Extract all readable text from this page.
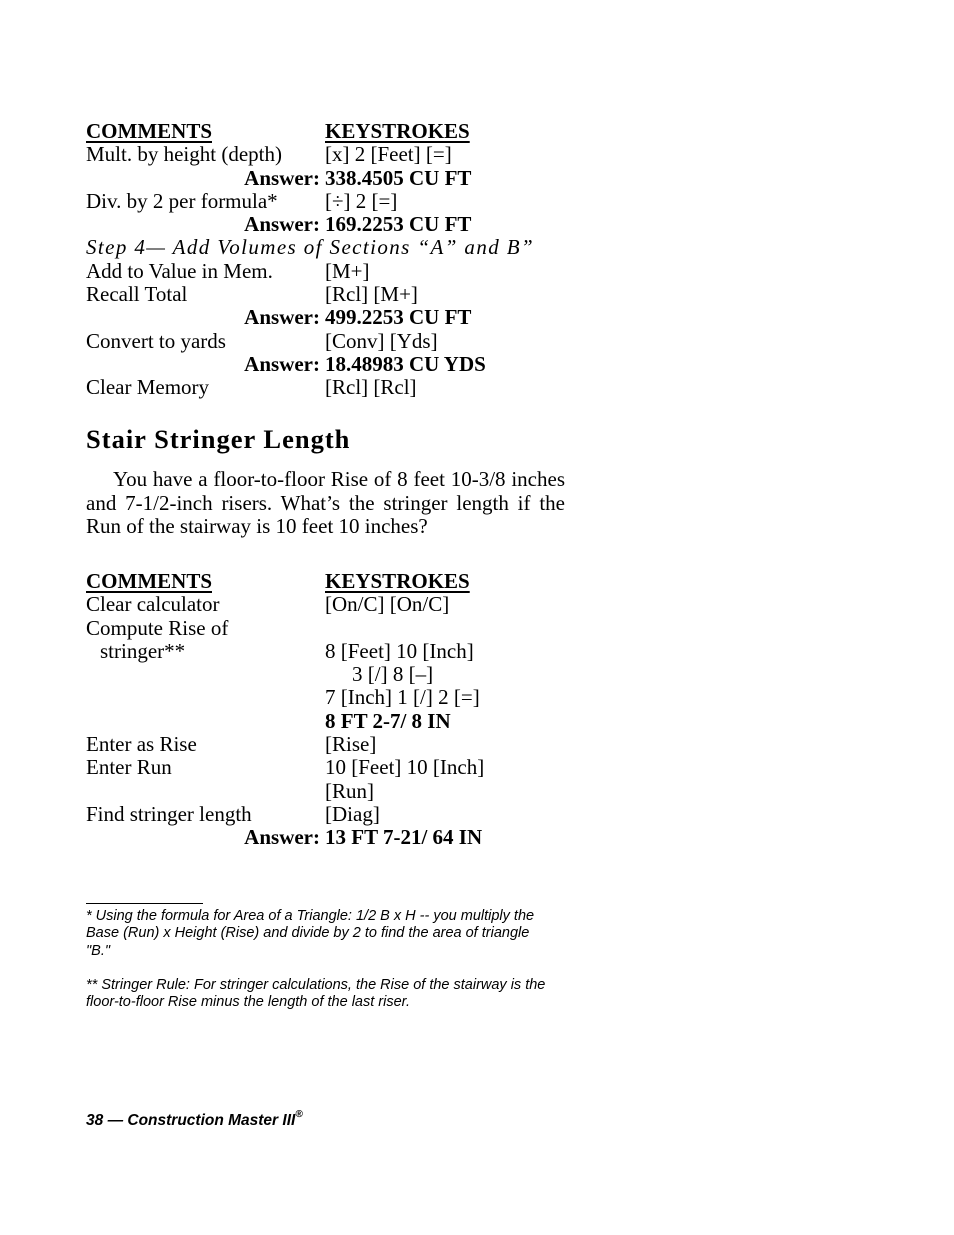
COMMENTS	KEYSTROKES
Mult. by height (depth) [x] 2 [Feet] [=]
Answer: 338.4505 CU FT
Div. by 2 per formula* [÷] 2 [=]
Answer: 169.2253 CU FT
Step 4— Add Volumes of Sections “A” and B”
Add to Value in Mem. [M+]
Recall Total	[Rcl] [M+]
Answer: 499.2253 CU FT
Convert to yards	[Conv] [Yds]
Answer: 18.48983 CU YDS
Clear Memory	[Rcl] [Rcl]
Stair Stringer Length

You have a floor-to-floor Rise of 8 feet 10-3/8 inches and 7-1/2-inch risers. What’s the stringer length if the Run of the stairway is 10 feet 10 inches?

COMMENTS	KEYSTROKES
Clear calculator	[On/C] [On/C]
Compute Rise of
stringer**	8 [Feet] 10 [Inch]
3 [/] 8 [–]
7 [Inch] 1 [/] 2 [=]
8 FT 2-7/ 8 IN
Enter as Rise	[Rise]
Enter Run	10 [Feet] 10 [Inch]
[Run]
Find stringer length	[Diag]
Answer: 13 FT 7-21/ 64 IN

* Using the formula for Area of a Triangle: 1/2 B x H -- you multiply the Base (Run) x Height (Rise) and divide by 2 to find the area of triangle "B."

** Stringer Rule: For stringer calculations, the Rise of the stairway is the floor-to-floor Rise minus the length of the last riser.

38 — Construction Master III®
